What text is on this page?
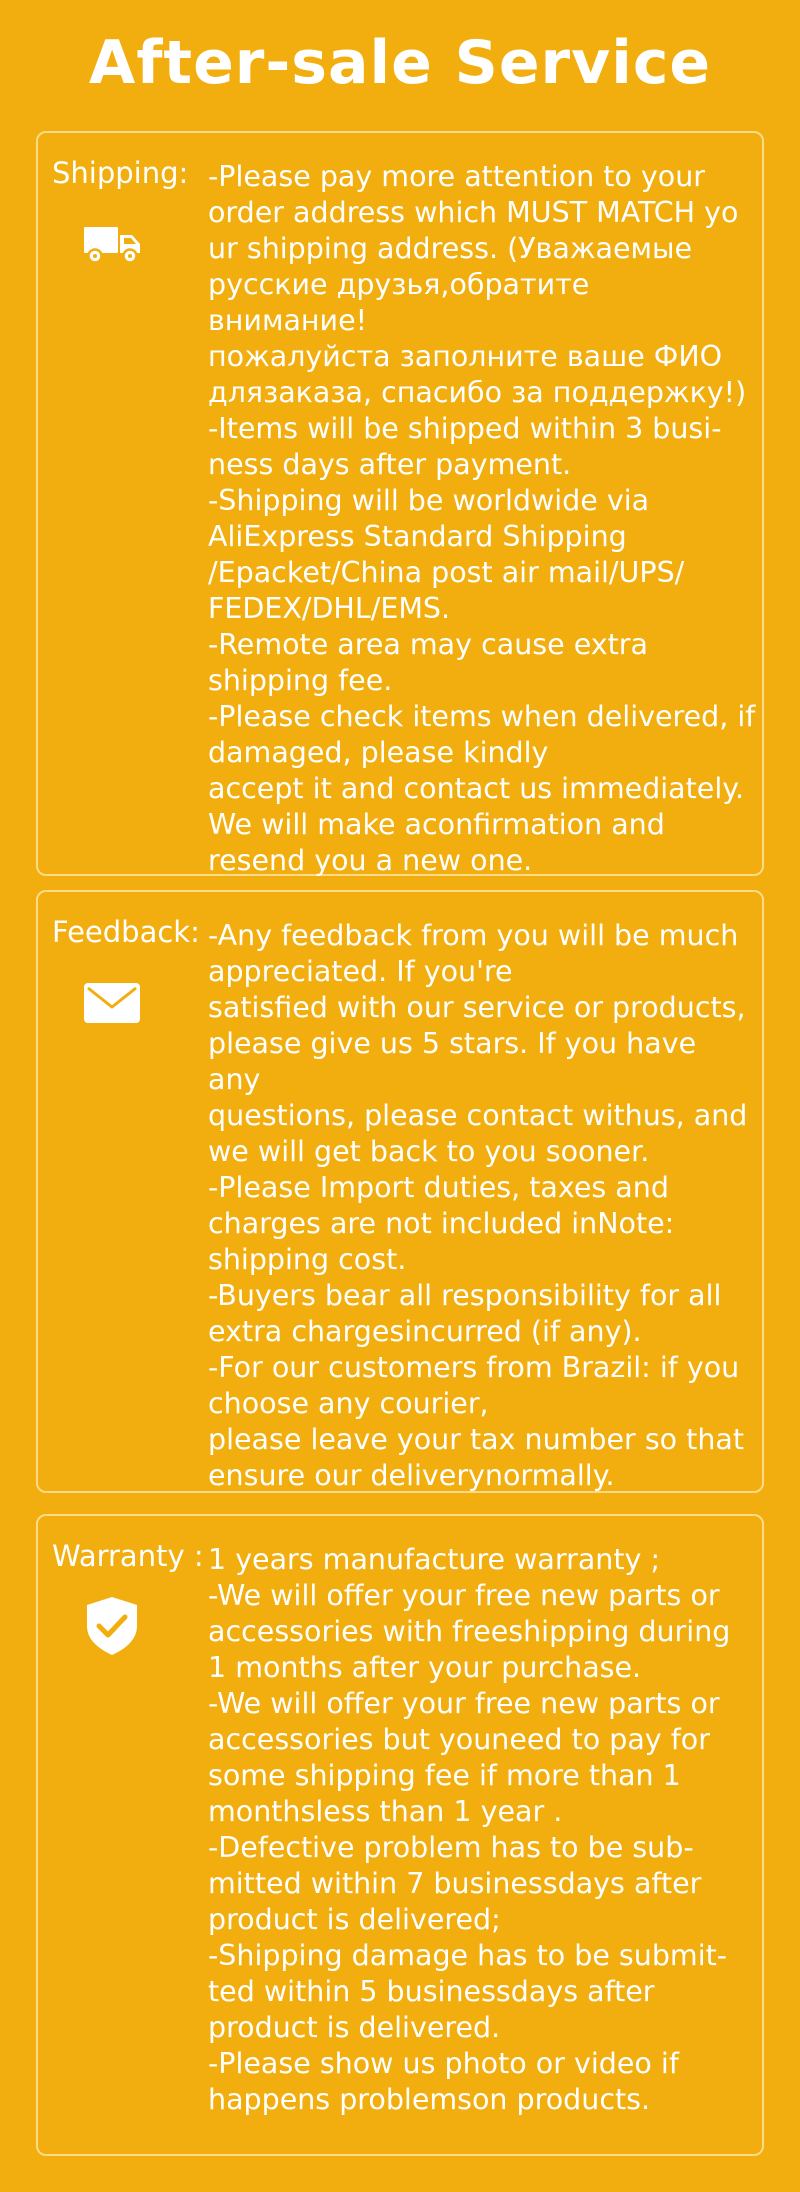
After-sale Service
Shipping: -Please pay more attention to your
order address which MUST MATCH yo
ur shipping address. (Уважаемые
русские друзья,обратите внимание!
пожалуйста заполните ваше ФИО
длязаказа, спасибо за поддержку!)
-Items will be shipped within 3 busi-
ness days after payment.
-Shipping will be worldwide via
AliExpress Standard Shipping
/Epacket/China post air mail/UPS/
FEDEX/DHL/EMS.
-Remote area may cause extra
shipping fee.
-Please check items when delivered, if
damaged, please kindly
accept it and contact us immediately.
We will make aconfirmation and
resend you a new one.
Feedback: -Any feedback from you will be much
appreciated. If you're
satisfied with our service or products,
please give us 5 stars. If you have any
questions, please contact withus, and
we will get back to you sooner.
-Please Import duties, taxes and
charges are not included inNote:
shipping cost.
-Buyers bear all responsibility for all
extra chargesincurred (if any).
-For our customers from Brazil: if you
choose any courier,
please leave your tax number so that
ensure our deliverynormally.
Warranty : 1 years manufacture warranty ;
-We will offer your free new parts or
accessories with freeshipping during
1 months after your purchase.
-We will offer your free new parts or
accessories but youneed to pay for
some shipping fee if more than 1
monthsless than 1 year .
-Defective problem has to be sub-
mitted within 7 businessdays after
product is delivered;
-Shipping damage has to be submit-
ted within 5 businessdays after
product is delivered.
-Please show us photo or video if
happens problemson products.
